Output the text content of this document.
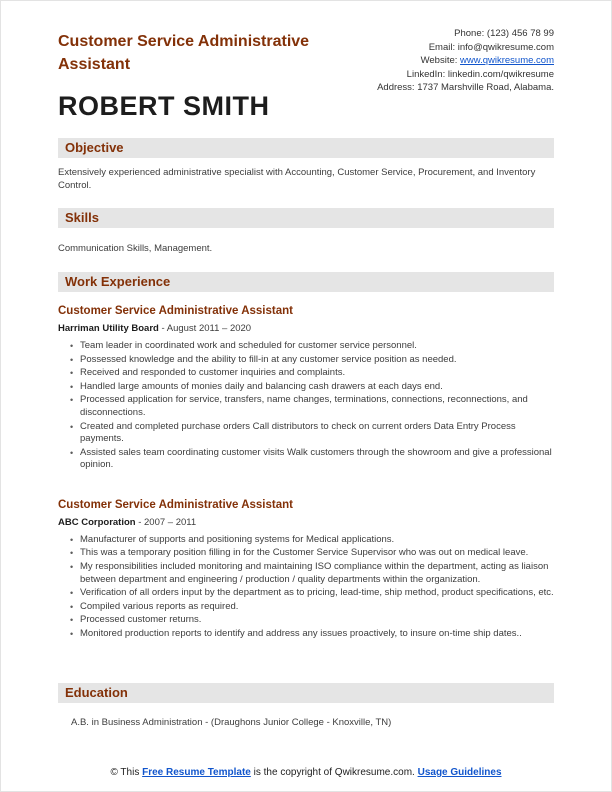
Customer Service Administrative Assistant
ROBERT SMITH
Phone: (123) 456 78 99
Email: info@qwikresume.com
Website: www.qwikresume.com
LinkedIn: linkedin.com/qwikresume
Address: 1737 Marshville Road, Alabama.
Objective
Extensively experienced administrative specialist with Accounting, Customer Service, Procurement, and Inventory Control.
Skills
Communication Skills, Management.
Work Experience
Customer Service Administrative Assistant
Harriman Utility Board - August 2011 – 2020
• Team leader in coordinated work and scheduled for customer service personnel.
• Possessed knowledge and the ability to fill-in at any customer service position as needed.
• Received and responded to customer inquiries and complaints.
• Handled large amounts of monies daily and balancing cash drawers at each days end.
• Processed application for service, transfers, name changes, terminations, connections, reconnections, and disconnections.
• Created and completed purchase orders Call distributors to check on current orders Data Entry Process payments.
• Assisted sales team coordinating customer visits Walk customers through the showroom and give a professional opinion.
Customer Service Administrative Assistant
ABC Corporation - 2007 – 2011
• Manufacturer of supports and positioning systems for Medical applications.
• This was a temporary position filling in for the Customer Service Supervisor who was out on medical leave.
• My responsibilities included monitoring and maintaining ISO compliance within the department, acting as liaison between department and engineering / production / quality departments within the organization.
• Verification of all orders input by the department as to pricing, lead-time, ship method, product specifications, etc.
• Compiled various reports as required.
• Processed customer returns.
• Monitored production reports to identify and address any issues proactively, to insure on-time ship dates..
Education
A.B. in Business Administration - (Draughons Junior College - Knoxville, TN)
© This Free Resume Template is the copyright of Qwikresume.com. Usage Guidelines
